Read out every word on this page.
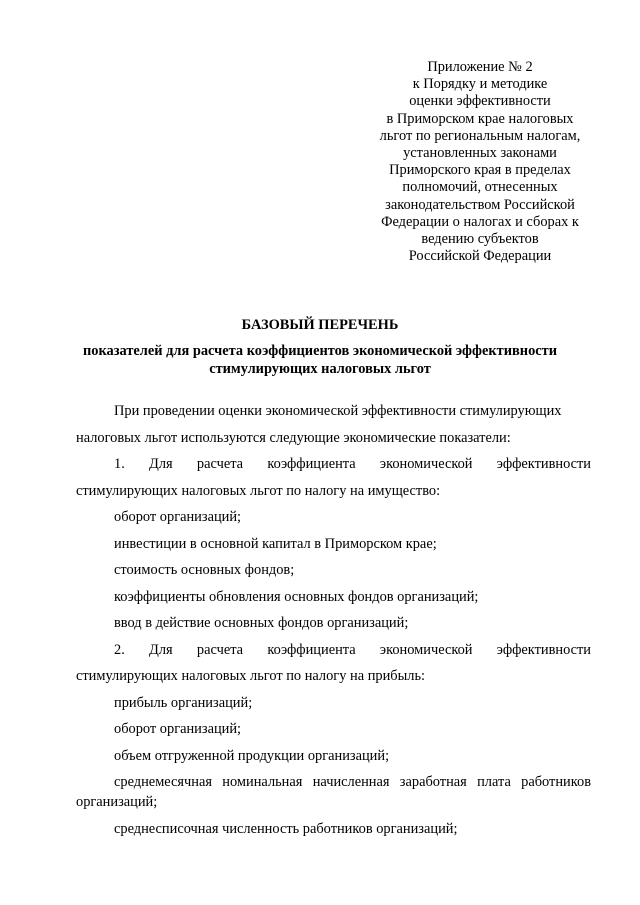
Приложение № 2
к Порядку и методике
оценки эффективности
в Приморском крае налоговых
льгот по региональным налогам,
установленных законами
Приморского края в пределах
полномочий, отнесенных
законодательством Российской
Федерации о налогах и сборах к
ведению субъектов
Российской Федерации
БАЗОВЫЙ ПЕРЕЧЕНЬ
показателей для расчета коэффициентов экономической эффективности
стимулирующих налоговых льгот
При проведении оценки экономической эффективности стимулирующих
налоговых льгот используются следующие экономические показатели:
1.   Для   расчета   коэффициента   экономической   эффективности
стимулирующих налоговых льгот по налогу на имущество:
оборот организаций;
инвестиции в основной капитал в Приморском крае;
стоимость основных фондов;
коэффициенты обновления основных фондов организаций;
ввод в действие основных фондов организаций;
2.   Для   расчета   коэффициента   экономической   эффективности
стимулирующих налоговых льгот по налогу на прибыль:
прибыль организаций;
оборот организаций;
объем отгруженной продукции организаций;
среднемесячная номинальная начисленная заработная плата работников
организаций;
среднесписочная численность работников организаций;
